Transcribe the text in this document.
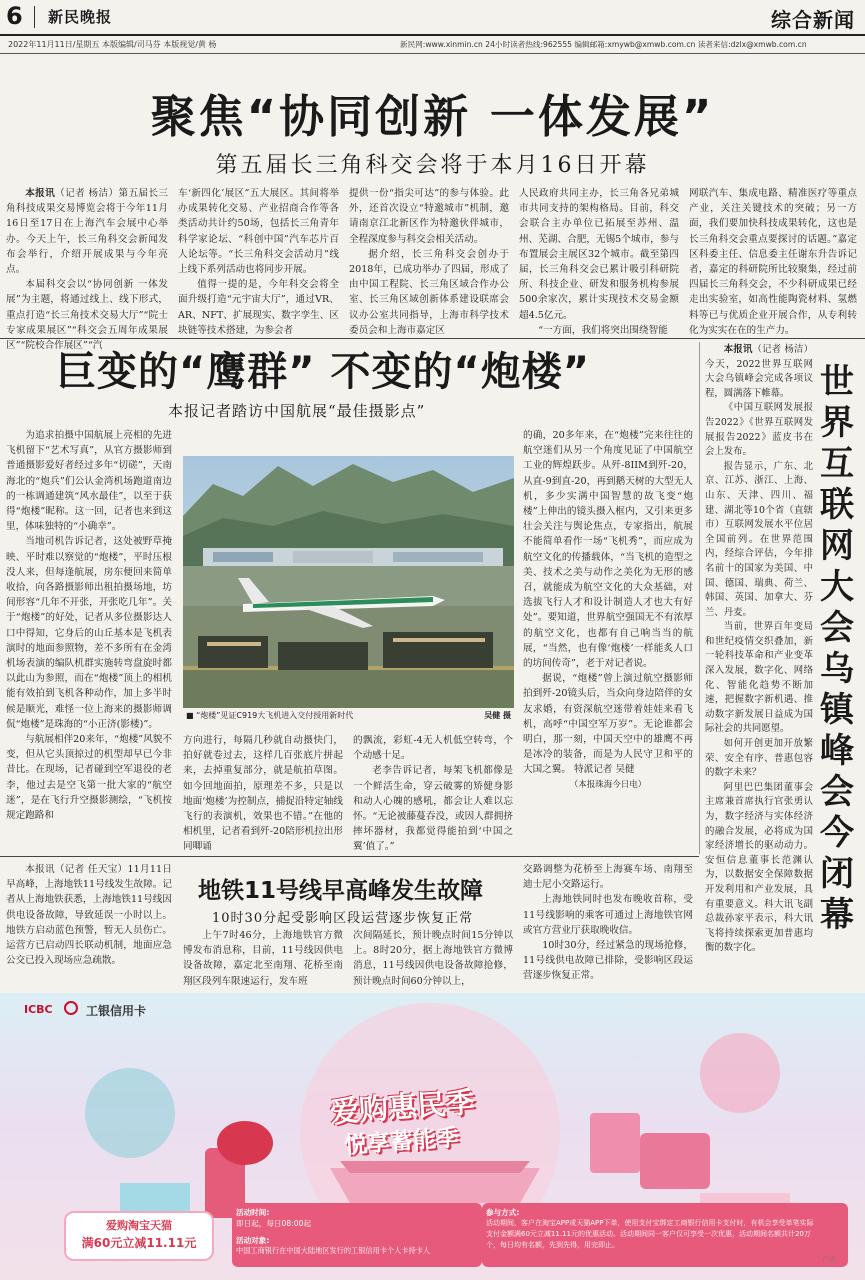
6 新民晚报	综合新闻
2022年11月11日/星期五 本版编辑/司马芬 本版视觉/黄 杨	新民网:www.xinmin.cn 24小时读者热线:962555 编辑邮箱:xmywb@xmwb.com.cn 读者来信:dzlx@xmwb.com.cn
聚焦“协同创新 一体发展”
第五届长三角科交会将于本月16日开幕

本报讯（记者 杨洁）第五届长三角科技成果交易博览会将于今年11月16日至17日在上海汽车会展中心举办。今天上午，长三角科交会新闻发布会举行，介绍开展成果与今年亮点。

本届科交会以“协同创新 一体发展”为主题，将通过线上、线下形式，重点打造“长三角技术交易大厅”“院士专家成果展区”“科交会五周年成果展区”“院校合作展区”“汽

车‘新四化’展区”五大展区。其间将举办成果转化交易、产业招商合作等各类活动共计约50场，包括长三角青年科学家论坛、“科创中国”汽车芯片百人论坛等。“长三角科交会活动月”线上线下系列活动也将同步开展。

值得一提的是，今年科交会将全面升级打造“元宇宙大厅”，通过VR、AR、NFT、扩展现实、数字孪生、区块链等技术搭建，为参会者

提供一份“指尖可达”的参与体验。此外，还首次设立“特邀城市”机制，邀请南京江北新区作为特邀伙伴城市，全程深度参与科交会相关活动。

据介绍，长三角科交会创办于2018年，已成功举办了四届，形成了由中国工程院、长三角区域合作办公室、长三角区域创新体系建设联席会议办公室共同指导，上海市科学技术委员会和上海市嘉定区

人民政府共同主办，长三角各兄弟城市共同支持的架构格局。目前，科交会联合主办单位已拓展至苏州、温州、芜湖、合肥，无锡5个城市，参与布置展会主展区32个城市。截至第四届，长三角科交会已累计吸引科研院所、科技企业、研发和服务机构参展500余家次，累计实现技术交易金额超4.5亿元。

“一方面，我们将突出围绕智能

网联汽车、集成电路、精准医疗等重点产业，关注关键技术的突破；另一方面，我们要加快科技成果转化，这也是长三角科交会重点要探讨的话题。”嘉定区科委主任、信息委主任谢东升告诉记者，嘉定的科研院所比较聚集，经过前四届长三角科交会，不少科研成果已经走出实验室，如高性能陶瓷材料、氢燃料等已与优质企业开展合作，从专利转化为实实在在的生产力。

巨变的“鹰群” 不变的“炮楼”
本报记者踏访中国航展“最佳摄影点”

为追求拍摄中国航展上亮相的先进飞机留下“艺术写真”，从官方摄影师到普通摄影爱好者经过多年“切磋”，天南海北的“炮兵”们公认金湾机场跑道南边的一栋调通建筑“风水最佳”，以至于获得“炮楼”昵称。这一回，记者也来到这里，体味独特的“小确幸”。

当地司机告诉记者，这处被野草掩映、平时难以察觉的“炮楼”，平时压根没人来，但每逢航展，房东便回来简单收拾，向各路摄影师出租拍摄场地，坊间形容“几年不开张，开张吃几年”。关于“炮楼”的好处，记者从多位摄影达人口中得知，它身后的山丘基本是飞机表演时的地面参照物，差不多所有在金湾机场表演的编队机群实施转弯盘旋时都以此山为参照，而在“炮楼”顶上的相机能有效拍到飞机各种动作，加上多半时候是顺光，难怪一位上海来的摄影师调侃“炮楼”是珠海的“小正济(影楼)”。

与航展相伴20来年，“炮楼”风貌不变，但从它头顶掠过的机型却早已今非昔比。在现场，记者碰到空军退役的老李，他过去是空飞第一批大家的“航空迷”，是在飞行升空摄影测绘，“飞机按规定跑路和

■ “炮楼”见证C919大飞机进入交付授用新时代	吴健 摄

方向进行，每隔几秒就自动摄快门，拍好就卷过去，这样几百张底片拼起来，去掉重复部分，就是航拍草图。如今回地面拍，原理差不多，只是以地面‘炮楼’为控制点，捕捉沿特定轴线飞行的表演机，效果也不错。”在他的相机里，记者看到歼-20陪形机拉出形同唧诵

的飘流，彩虹-4无人机低空转弯，个个动感十足。

老李告诉记者，每架飞机都像是一个鲜活生命，穿云破雾的矫健身影和动人心魄的感吼，都会让人难以忘怀。“无论被藤蔓吞没，或因人群拥挤摔坏器材，我都觉得能拍到‘中国之翼’值了。”

的确，20多年来，在“炮楼”完来往往的航空迷们从另一个角度见证了中国航空工业的辉煌跃步。从歼-8IIM到歼-20，从直-9到直-20，再到鹅天树的大型无人机，多少实满中国智慧的故飞变“炮楼”上伸出的镜头摄入框内，又引来更多壮会关注与舆论焦点，专家指出，航展不能简单看作一场“飞机秀”，而应成为航空文化的传播载体，“当飞机的造型之美、技术之美与动作之美化为无形的感召，就能成为航空文化的大众基础，对选拔飞行人才和设计制造人才也大有好处”。要知道，世界航空强国无不有浓厚的航空文化，也都有自己响当当的航展，“当然，也有像‘炮楼’一样能炙人口的坊间传奇”，老于对记者说。

据说，“炮楼”曾上演过航空摄影师拍到歼-20镜头后，当众向身边陪伴的女友求婚，有资深航空迷带着娃娃来看飞机，高呼“中国空军万岁”。无论谁都会明白，那一刻，中国天空中的雄鹰不再是冰冷的装备，而是为人民守卫和平的大国之翼。 特派记者 吴健

（本报珠海今日电）

本报讯（记者 杨洁）今天，2022世界互联网大会乌镇峰会完成各项议程，圆满落下帷幕。

《中国互联网发展报告2022》《世界互联网发展报告2022》蓝皮书在会上发布。

报告显示，广东、北京、江苏、浙江、上海、山东、天津、四川、福建、湖北等10个省（直辖市）互联网发展水平位居全国前列。在世界范围内，经综合评估，今年排名前十的国家为美国、中国、德国、瑞典、荷兰、韩国、英国、加拿大、芬兰、丹麦。

当前，世界百年变局和世纪疫情交织叠加，新一轮科技革命和产业变革深入发展，数字化、网络化、智能化趋势不断加速，把握数字新机遇、推动数字新发展日益成为国际社会的共同愿望。

如何开创更加开放繁荣、安全有序、普惠包容的数字未来？

阿里巴巴集团董事会主席兼首席执行官张勇认为，数字经济与实体经济的融合发展，必将成为国家经济增长的驱动动力。安恒信息董事长范渊认为，以数据安全保障数据开发利用和产业发展，具有重要意义。科大讯飞副总裁孙家平表示，科大讯飞将持续探索更加普惠均衡的数字化。

世界互联网大会乌镇峰会今闭幕

本报讯（记者 任天宝）11月11日早高峰，上海地铁11号线发生故障。记者从上海地铁获悉，上海地铁11号线因供电设备故障，导致延误一小时以上。地铁方启动蓝色预警，暂无人员伤亡。运营方已启动四长联动机制，地面应急公交已投入现场应急疏散。

地铁11号线早高峰发生故障
10时30分起受影响区段运营逐步恢复正常

上午7时46分，上海地铁官方微博发布消息称，目前，11号线因供电设备故障，嘉定北至南翔、花桥至南翔区段列车限速运行，发车班

次间隔延长，预计晚点时间15分钟以上。8时20分，据上海地铁官方微博消息，11号线因供电设备故障抢修，预计晚点时间60分钟以上，

交路调整为花桥至上海赛车场、南翔至迪士尼小交路运行。

上海地铁同时也发布晚收首称，受11号线影响的乘客可通过上海地铁官网或官方营业厅获取晚收信。

10时30分，经过紧急的现场抢修，11号线供电故障已排除，受影响区段运营逐步恢复正常。

ICBC	工银信用卡
爱购惠民季
悦享蓄能季
爱购淘宝天猫
满60元立减11.11元
活动时间:
即日起，每日08:00起
活动对象:
中国工商银行在中国大陆地区发行的工银信用卡个人卡持卡人
参与方式:
活动期间，客户在淘宝APP或天猫APP下单，使用支付宝绑定工商银行信用卡支付时，有机会享受单笔实际支付金额满60元立减11.11元的优惠活动。活动期间同一客户仅可享受一次优惠，活动期间名额共计20万个，每日均有名额，先到先得，用完即止。
广告
